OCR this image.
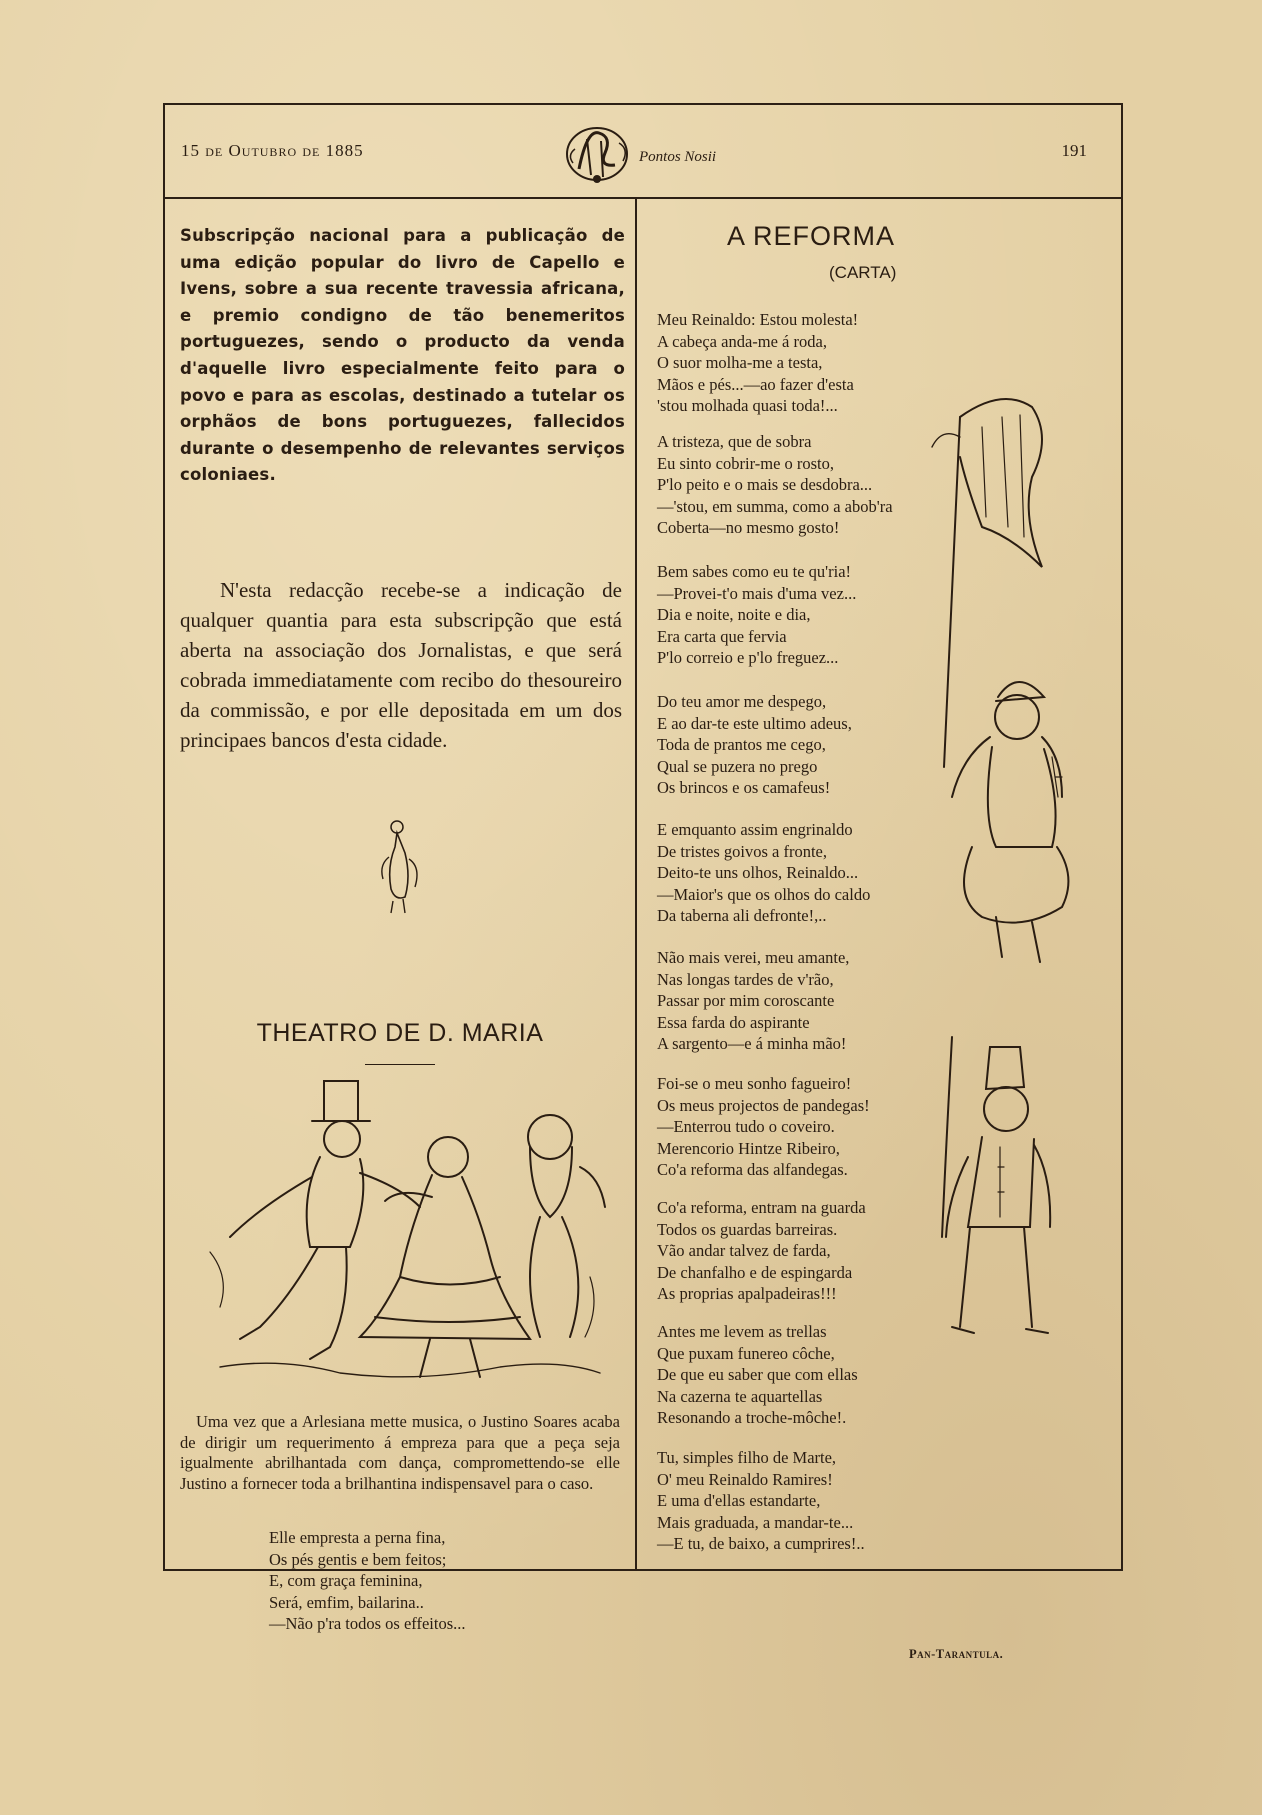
15 de Outubro de 1885	Pontos Nosii	191
Subscripção nacional para a publicação de uma edição popular do livro de Capello e Ivens, sobre a sua recente travessia africana, e premio condigno de tão benemeritos portuguezes, sendo o producto da venda d'aquelle livro especialmente feito para o povo e para as escolas, destinado a tutelar os orphãos de bons portuguezes, fallecidos durante o desempenho de relevantes serviços coloniaes.
N'esta redacção recebe-se a indicação de qualquer quantia para esta subscripção que está aberta na associação dos Jornalistas, e que será cobrada immediatamente com recibo do thesoureiro da commissão, e por elle depositada em um dos principaes bancos d'esta cidade.
THEATRO DE D. MARIA
Uma vez que a Arlesiana mette musica, o Justino Soares acaba de dirigir um requerimento á empreza para que a peça seja igualmente abrilhantada com dança, compromettendo-se elle Justino a fornecer toda a brilhantina indispensavel para o caso.
Elle empresta a perna fina,
Os pés gentis e bem feitos;
E, com graça feminina,
Será, emfim, bailarina..
—Não p'ra todos os effeitos...
A REFORMA
(CARTA)
Meu Reinaldo: Estou molesta!
A cabeça anda-me á roda,
O suor molha-me a testa,
Mãos e pés...—ao fazer d'esta
'stou molhada quasi toda!...
A tristeza, que de sobra
Eu sinto cobrir-me o rosto,
P'lo peito e o mais se desdobra...
—'stou, em summa, como a abob'ra
Coberta—no mesmo gosto!
Bem sabes como eu te qu'ria!
—Provei-t'o mais d'uma vez...
Dia e noite, noite e dia,
Era carta que fervia
P'lo correio e p'lo freguez...
Do teu amor me despego,
E ao dar-te este ultimo adeus,
Toda de prantos me cego,
Qual se puzera no prego
Os brincos e os camafeus!
E emquanto assim engrinaldo
De tristes goivos a fronte,
Deito-te uns olhos, Reinaldo...
—Maior's que os olhos do caldo
Da taberna ali defronte!,..
Não mais verei, meu amante,
Nas longas tardes de v'rão,
Passar por mim coroscante
Essa farda do aspirante
A sargento—e á minha mão!
Foi-se o meu sonho fagueiro!
Os meus projectos de pandegas!
—Enterrou tudo o coveiro.
Merencorio Hintze Ribeiro,
Co'a reforma das alfandegas.
Co'a reforma, entram na guarda
Todos os guardas barreiras.
Vão andar talvez de farda,
De chanfalho e de espingarda
As proprias apalpadeiras!!!
Antes me levem as trellas
Que puxam funereo côche,
De que eu saber que com ellas
Na cazerna te aquartellas
Resonando a troche-môche!.
Tu, simples filho de Marte,
O' meu Reinaldo Ramires!
E uma d'ellas estandarte,
Mais graduada, a mandar-te...
—E tu, de baixo, a cumprires!..
Pan-Tarantula.
